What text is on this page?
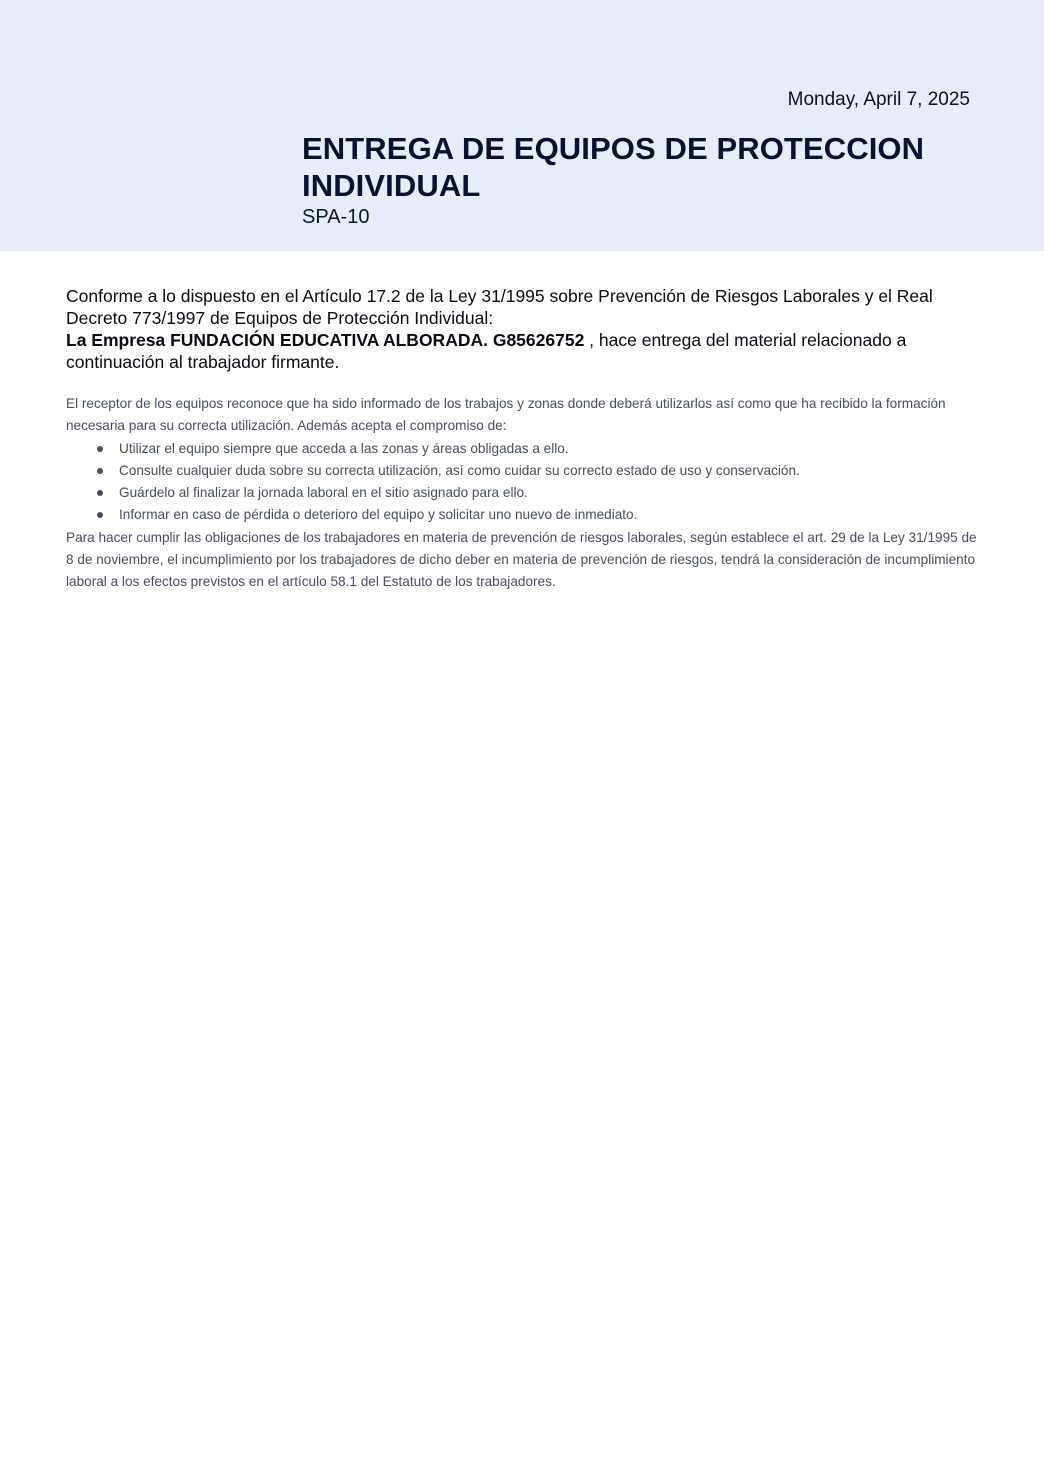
Monday, April 7, 2025
ENTREGA DE EQUIPOS DE PROTECCION INDIVIDUAL
SPA-10
Conforme a lo dispuesto en el Artículo 17.2 de la Ley 31/1995 sobre Prevención de Riesgos Laborales y el Real Decreto 773/1997 de Equipos de Protección Individual:
La Empresa FUNDACIÓN EDUCATIVA ALBORADA. G85626752 , hace entrega del material relacionado a continuación al trabajador firmante.
El receptor de los equipos reconoce que ha sido informado de los trabajos y zonas donde deberá utilizarlos así como que ha recibido la formación necesaria para su correcta utilización. Además acepta el compromiso de:
Utilizar el equipo siempre que acceda a las zonas y áreas obligadas a ello.
Consulte cualquier duda sobre su correcta utilización, así como cuidar su correcto estado de uso y conservación.
Guárdelo al finalizar la jornada laboral en el sitio asignado para ello.
Informar en caso de pérdida o deterioro del equipo y solicitar uno nuevo de inmediato.
Para hacer cumplir las obligaciones de los trabajadores en materia de prevención de riesgos laborales, según establece el art. 29 de la Ley 31/1995 de 8 de noviembre, el incumplimiento por los trabajadores de dicho deber en materia de prevención de riesgos, tendrá la consideración de incumplimiento laboral a los efectos previstos en el artículo 58.1 del Estatuto de los trabajadores.
